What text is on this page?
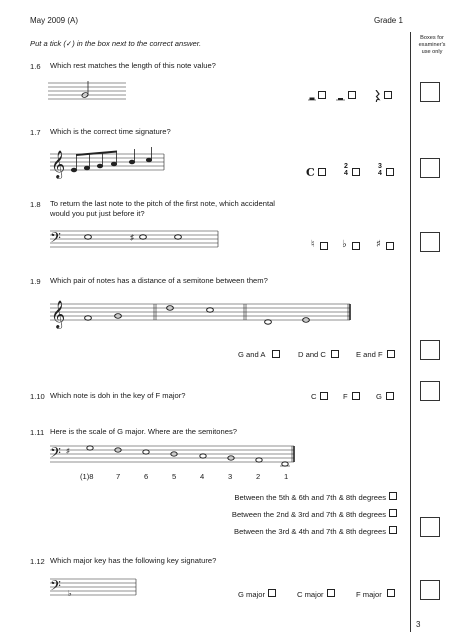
May 2009 (A)	Grade 1
Boxes for
examiner's
use only
Put a tick (✓) in the box next to the correct answer.
1.6 Which rest matches the length of this note value?
1.7 Which is the correct time signature?
𝄞	C	2
4
3
4
1.8 To return the last note to the pitch of the first note, which accidental
would you put just before it?
𝄢	♯
♮	♭	♯
1.9 Which pair of notes has a distance of a semitone between them?
𝄞
G and A	D and C	E and F
1.10 Which note is doh in the key of F major?	C	F	G
1.11 Here is the scale of G major. Where are the semitones?
𝄢 ♯
(1)8	7	6	5	4	3	2	1
Between the 5th & 6th and 7th & 8th degrees
Between the 2nd & 3rd and 7th & 8th degrees
Between the 3rd & 4th and 7th & 8th degrees
1.12 Which major key has the following key signature?
𝄢 ♭	G major	C major	F major
3
